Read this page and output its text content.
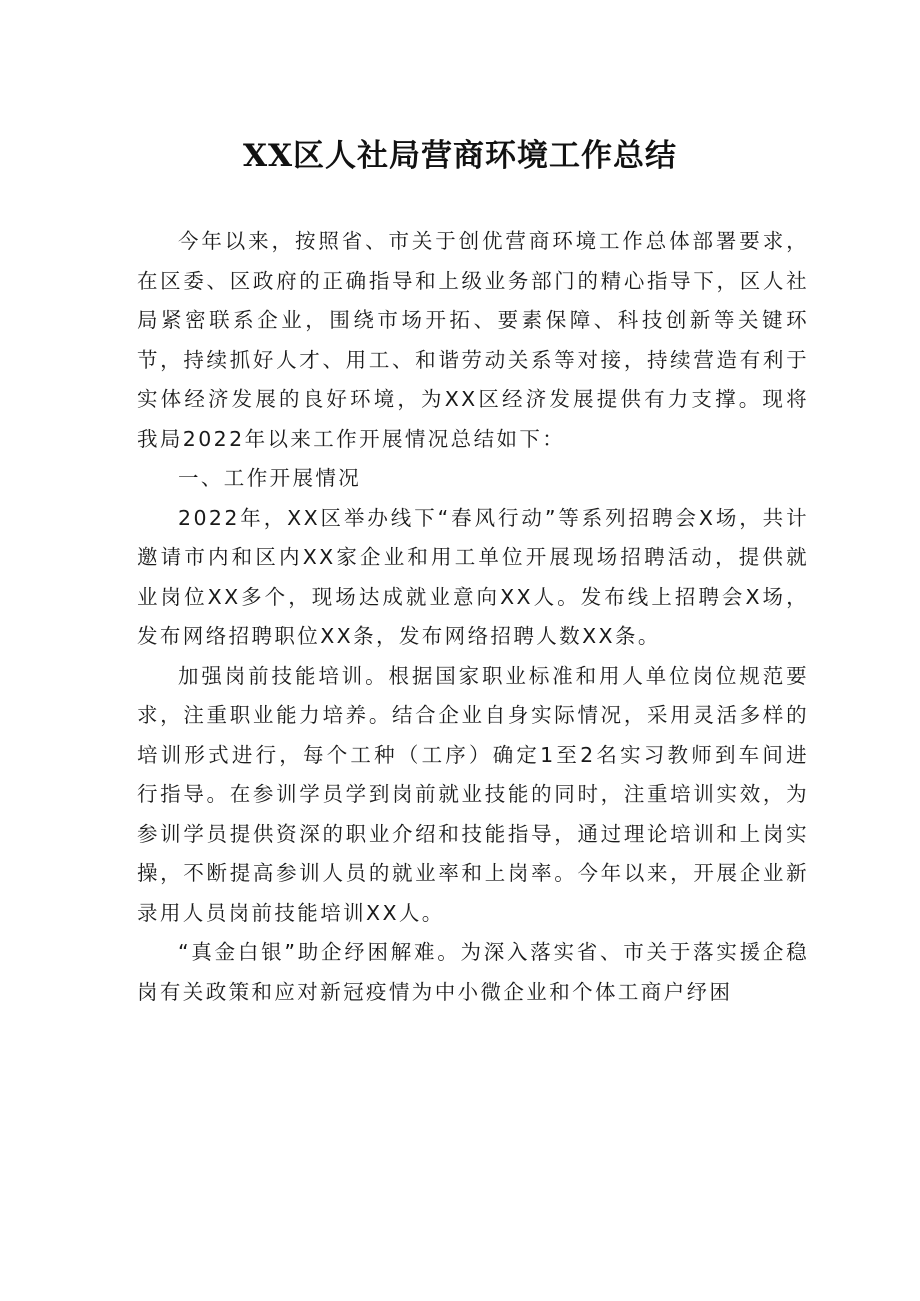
XX区人社局营商环境工作总结

今年以来，按照省、市关于创优营商环境工作总体部署要求，在区委、区政府的正确指导和上级业务部门的精心指导下，区人社局紧密联系企业，围绕市场开拓、要素保障、科技创新等关键环节，持续抓好人才、用工、和谐劳动关系等对接，持续营造有利于实体经济发展的良好环境，为XX区经济发展提供有力支撑。现将我局2022年以来工作开展情况总结如下：

一、工作开展情况

2022年，XX区举办线下“春风行动”等系列招聘会X场，共计邀请市内和区内XX家企业和用工单位开展现场招聘活动，提供就业岗位XX多个，现场达成就业意向XX人。发布线上招聘会X场，发布网络招聘职位XX条，发布网络招聘人数XX条。

加强岗前技能培训。根据国家职业标准和用人单位岗位规范要求，注重职业能力培养。结合企业自身实际情况，采用灵活多样的培训形式进行，每个工种（工序）确定1至2名实习教师到车间进行指导。在参训学员学到岗前就业技能的同时，注重培训实效，为参训学员提供资深的职业介绍和技能指导，通过理论培训和上岗实操，不断提高参训人员的就业率和上岗率。今年以来，开展企业新录用人员岗前技能培训XX人。

“真金白银”助企纾困解难。为深入落实省、市关于落实援企稳岗有关政策和应对新冠疫情为中小微企业和个体工商户纾困
